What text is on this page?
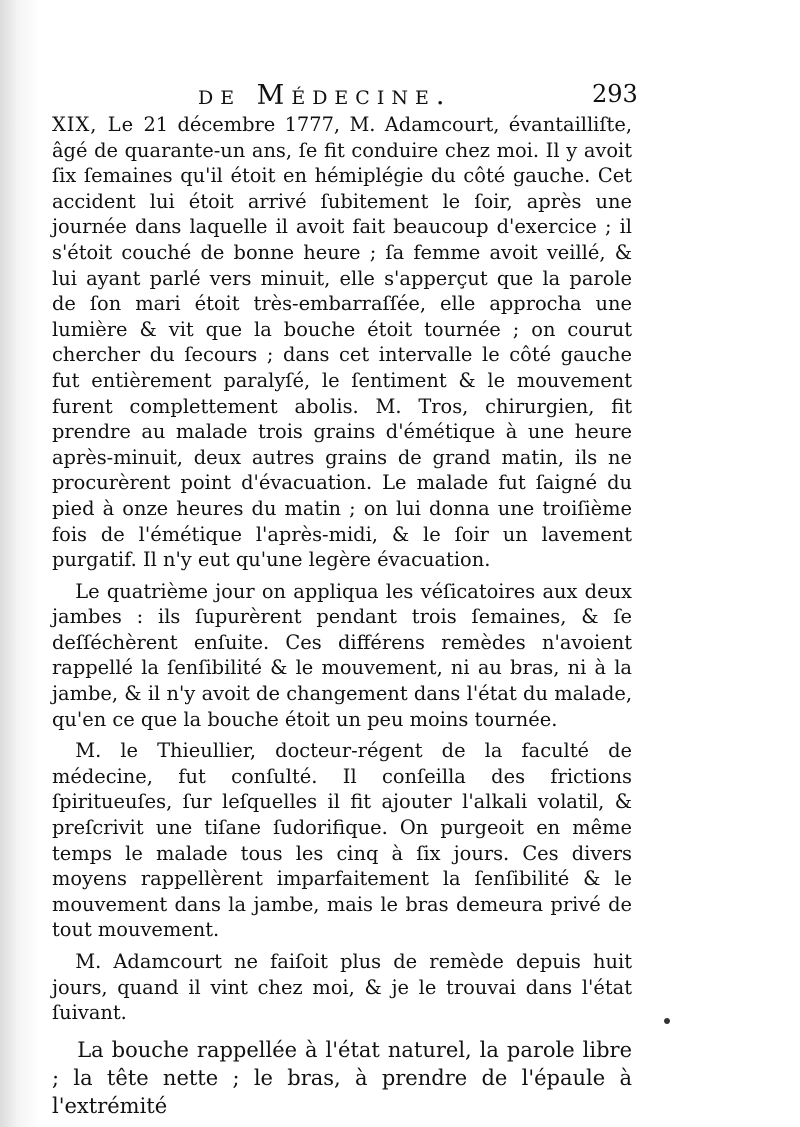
de Médecine.	293

XIX, Le 21 décembre 1777, M. Adamcourt, évantailliſte, âgé de quarante-un ans, ſe fit conduire chez moi. Il y avoit ſix ſemaines qu'il étoit en hémiplégie du côté gauche. Cet accident lui étoit arrivé ſubitement le ſoir, après une journée dans laquelle il avoit fait beaucoup d'exercice ; il s'étoit couché de bonne heure ; ſa femme avoit veillé, & lui ayant parlé vers minuit, elle s'apperçut que la parole de ſon mari étoit très-embarraſſée, elle approcha une lumière & vit que la bouche étoit tournée ; on courut chercher du ſecours ; dans cet intervalle le côté gauche fut entièrement paralyſé, le ſentiment & le mouvement furent complettement abolis. M. Tros, chirurgien, fit prendre au malade trois grains d'émétique à une heure après-minuit, deux autres grains de grand matin, ils ne procurèrent point d'évacuation. Le malade fut ſaigné du pied à onze heures du matin ; on lui donna une troiſième fois de l'émétique l'après-midi, & le ſoir un lavement purgatif. Il n'y eut qu'une legère évacuation.

Le quatrième jour on appliqua les véſicatoires aux deux jambes : ils ſupurèrent pendant trois ſemaines, & ſe deſſéchèrent enſuite. Ces différens remèdes n'avoient rappellé la ſenſibilité & le mouvement, ni au bras, ni à la jambe, & il n'y avoit de changement dans l'état du malade, qu'en ce que la bouche étoit un peu moins tournée.

M. le Thieullier, docteur-régent de la faculté de médecine, fut conſulté. Il conſeilla des frictions ſpiritueuſes, ſur leſquelles il fit ajouter l'alkali volatil, & preſcrivit une tiſane ſudorifique. On purgeoit en même temps le malade tous les cinq à ſix jours. Ces divers moyens rappellèrent imparfaitement la ſenſibilité & le mouvement dans la jambe, mais le bras demeura privé de tout mouvement.

M. Adamcourt ne faiſoit plus de remède depuis huit jours, quand il vint chez moi, & je le trouvai dans l'état ſuivant.

La bouche rappellée à l'état naturel, la parole libre ; la tête nette ; le bras, à prendre de l'épaule à l'extrémité
